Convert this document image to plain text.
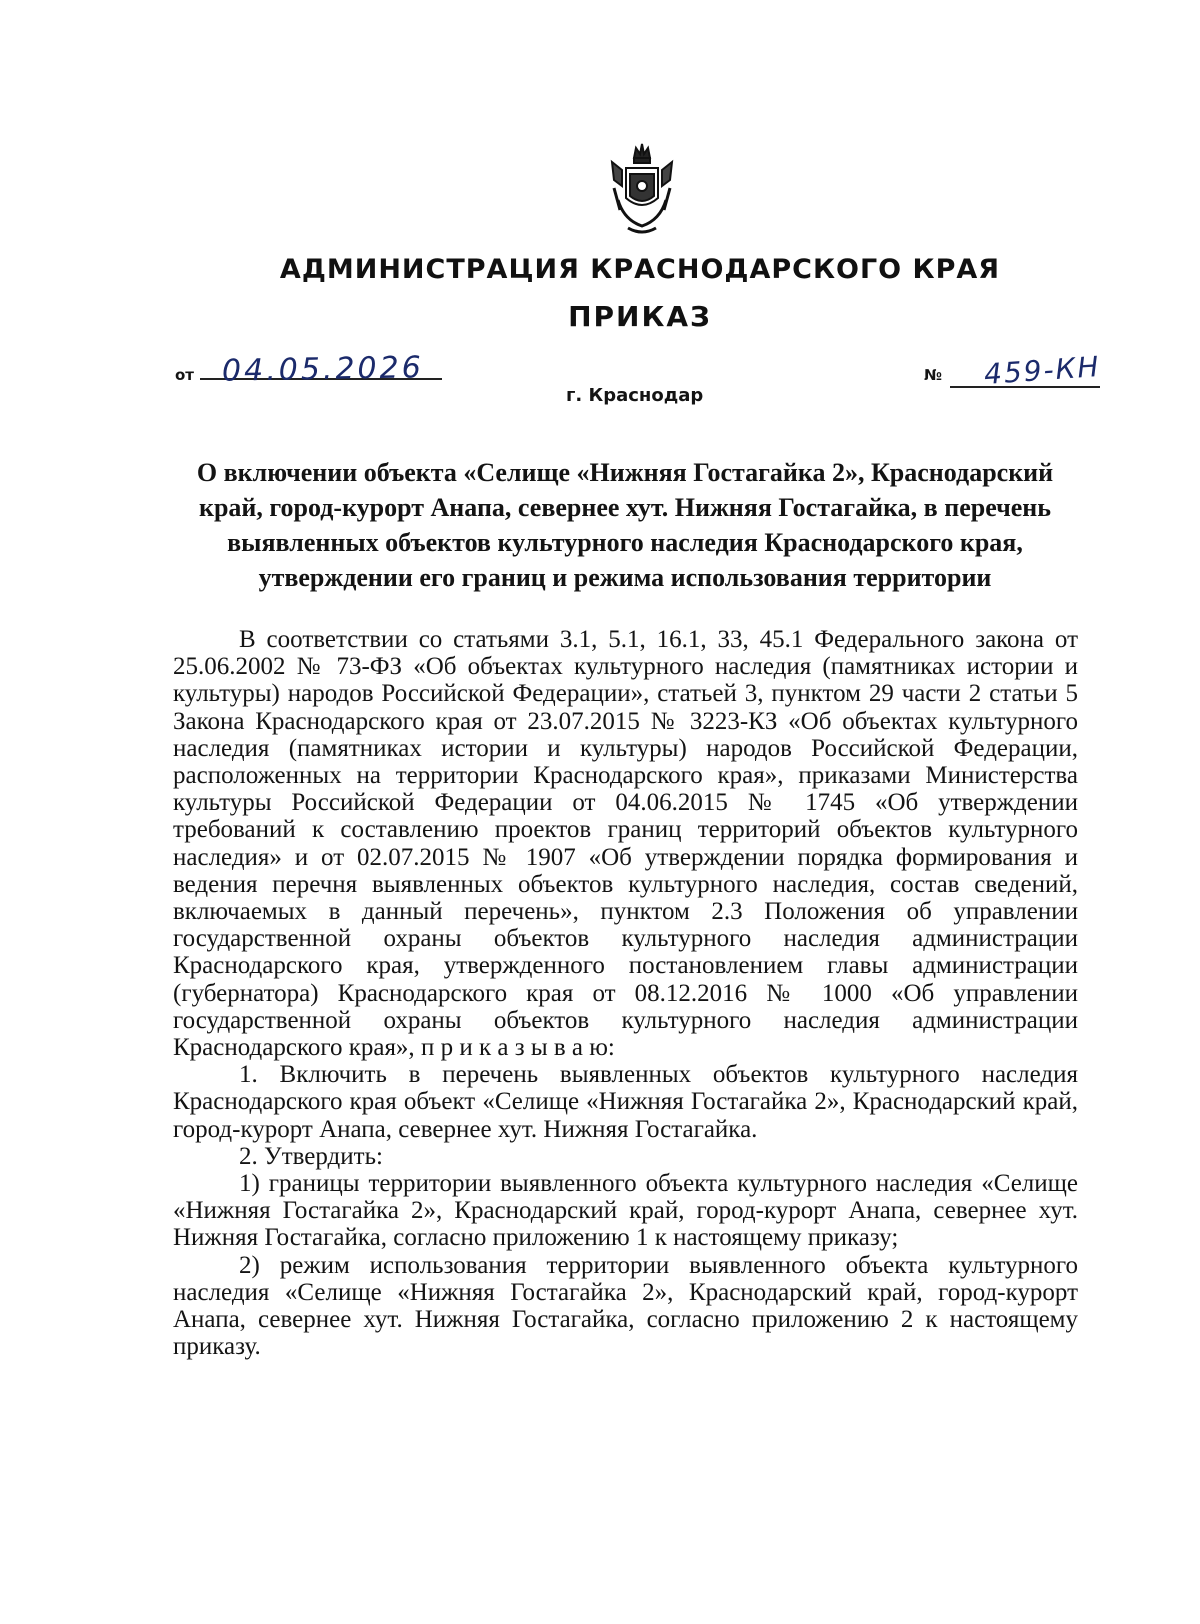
АДМИНИСТРАЦИЯ КРАСНОДАРСКОГО КРАЯ
ПРИКАЗ
от 04.05.2026	№ 459-КН
г. Краснодар
О включении объекта «Селище «Нижняя Гостагайка 2», Краснодарский край, город-курорт Анапа, севернее хут. Нижняя Гостагайка, в перечень выявленных объектов культурного наследия Краснодарского края, утверждении его границ и режима использования территории

В соответствии со статьями 3.1, 5.1, 16.1, 33, 45.1 Федерального закона от 25.06.2002 № 73-ФЗ «Об объектах культурного наследия (памятниках истории и культуры) народов Российской Федерации», статьей 3, пунктом 29 части 2 статьи 5 Закона Краснодарского края от 23.07.2015 № 3223-КЗ «Об объектах культурного наследия (памятниках истории и культуры) народов Российской Федерации, расположенных на территории Краснодарского края», приказами Министерства культуры Российской Федерации от 04.06.2015 № 1745 «Об утверждении требований к составлению проектов границ территорий объектов культурного наследия» и от 02.07.2015 № 1907 «Об утверждении порядка формирования и ведения перечня выявленных объектов культурного наследия, состав сведений, включаемых в данный перечень», пунктом 2.3 Положения об управлении государственной охраны объектов культурного наследия администрации Краснодарского края, утвержденного постановлением главы администрации (губернатора) Краснодарского края от 08.12.2016 № 1000 «Об управлении государственной охраны объектов культурного наследия администрации Краснодарского края», п р и к а з ы в а ю:

1. Включить в перечень выявленных объектов культурного наследия Краснодарского края объект «Селище «Нижняя Гостагайка 2», Краснодарский край, город-курорт Анапа, севернее хут. Нижняя Гостагайка.

2. Утвердить:

1) границы территории выявленного объекта культурного наследия «Селище «Нижняя Гостагайка 2», Краснодарский край, город-курорт Анапа, севернее хут. Нижняя Гостагайка, согласно приложению 1 к настоящему приказу;

2) режим использования территории выявленного объекта культурного наследия «Селище «Нижняя Гостагайка 2», Краснодарский край, город-курорт Анапа, севернее хут. Нижняя Гостагайка, согласно приложению 2 к настоящему приказу.
